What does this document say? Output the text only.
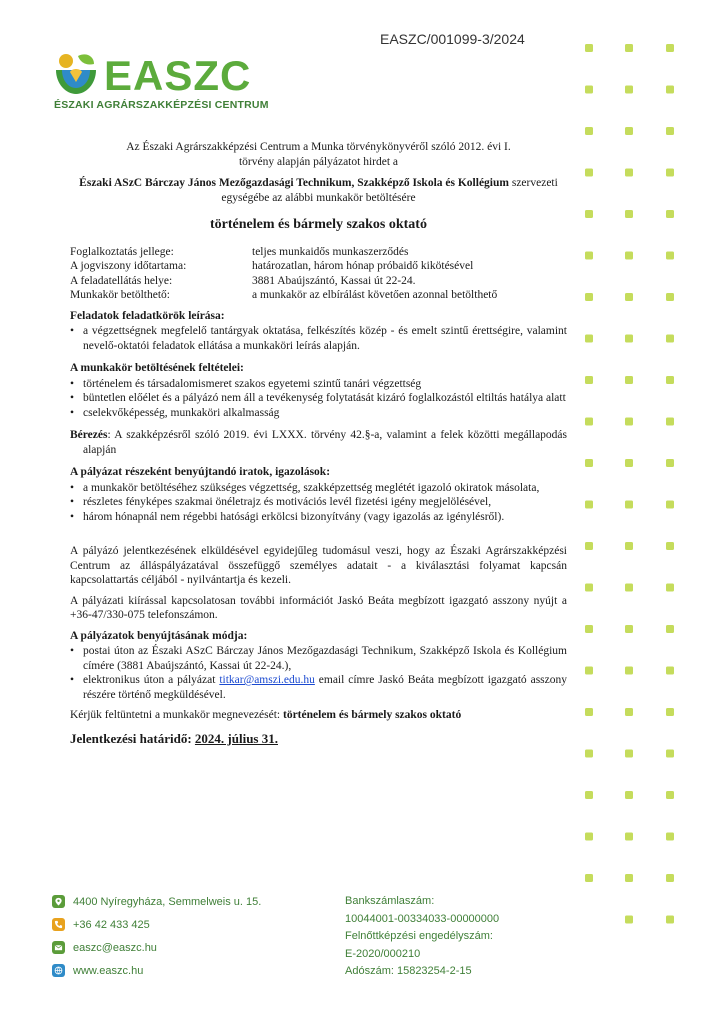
EASZC/001099-3/2024
EASZC
ÉSZAKI AGRÁRSZAKKÉPZÉSI CENTRUM
Az Északi Agrárszakképzési Centrum a Munka törvénykönyvéről szóló 2012. évi I.
törvény alapján pályázatot hirdet a
Északi ASzC Bárczay János Mezőgazdasági Technikum, Szakképző Iskola és Kollégium szervezeti egységébe az alábbi munkakör betöltésére
történelem és bármely szakos oktató
Foglalkoztatás jellege:	teljes munkaidős munkaszerződés
A jogviszony időtartama:	határozatlan, három hónap próbaidő kikötésével
A feladatellátás helye:	3881 Abaújszántó, Kassai út 22-24.
Munkakör betölthető:	a munkakör az elbírálást követően azonnal betölthető
Feladatok feladatkörök leírása:
• a végzettségnek megfelelő tantárgyak oktatása, felkészítés közép - és emelt szintű érettségire, valamint nevelő-oktatói feladatok ellátása a munkaköri leírás alapján.
A munkakör betöltésének feltételei:
• történelem és társadalomismeret szakos egyetemi szintű tanári végzettség
• büntetlen előélet és a pályázó nem áll a tevékenység folytatását kizáró foglalkozástól eltiltás hatálya alatt
• cselekvőképesség, munkaköri alkalmasság

Bérezés: A szakképzésről szóló 2019. évi LXXX. törvény 42.§-a, valamint a felek közötti megállapodás alapján

A pályázat részeként benyújtandó iratok, igazolások:
• a munkakör betöltéséhez szükséges végzettség, szakképzettség meglétét igazoló okiratok másolata,
• részletes fényképes szakmai önéletrajz és motivációs levél fizetési igény megjelölésével,
• három hónapnál nem régebbi hatósági erkölcsi bizonyítvány (vagy igazolás az igénylésről).

A pályázó jelentkezésének elküldésével egyidejűleg tudomásul veszi, hogy az Északi Agrárszakképzési Centrum az álláspályázatával összefüggő személyes adatait - a kiválasztási folyamat kapcsán kapcsolattartás céljából - nyilvántartja és kezeli.

A pályázati kiírással kapcsolatosan további információt Jaskó Beáta megbízott igazgató asszony nyújt a +36-47/330-075 telefonszámon.

A pályázatok benyújtásának módja:
• postai úton az Északi ASzC Bárczay János Mezőgazdasági Technikum, Szakképző Iskola és Kollégium címére (3881 Abaújszántó, Kassai út 22-24.),
• elektronikus úton a pályázat titkar@amszi.edu.hu email címre Jaskó Beáta megbízott igazgató asszony részére történő megküldésével.

Kérjük feltüntetni a munkakör megnevezését: történelem és bármely szakos oktató

Jelentkezési határidő: 2024. július 31.
4400 Nyíregyháza, Semmelweis u. 15.
+36 42 433 425
easzc@easzc.hu
www.easzc.hu
Bankszámlaszám:
10044001-00334033-00000000
Felnőttképzési engedélyszám:
E-2020/000210
Adószám: 15823254-2-15
